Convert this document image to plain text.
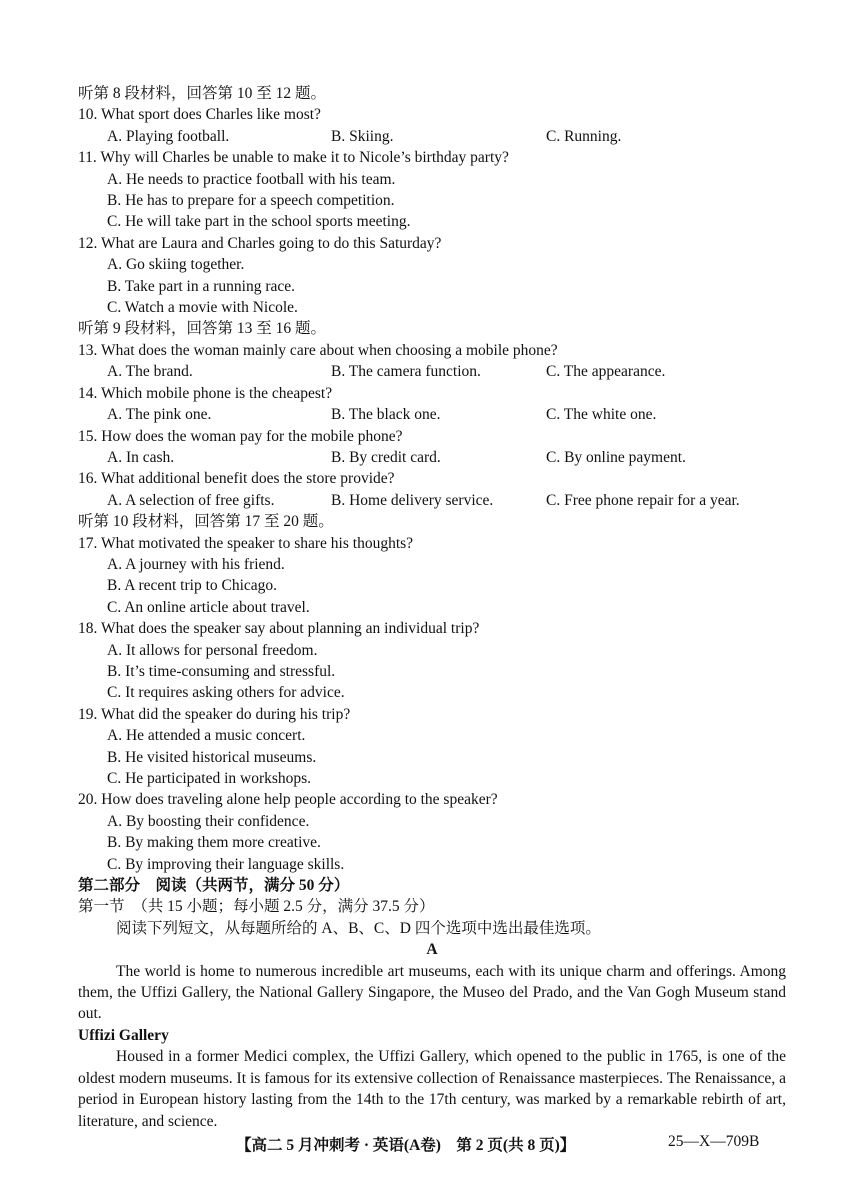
听第 8 段材料，回答第 10 至 12 题。
10. What sport does Charles like most?
A. Playing football.	B. Skiing.	C. Running.
11. Why will Charles be unable to make it to Nicole’s birthday party?
A. He needs to practice football with his team.
B. He has to prepare for a speech competition.
C. He will take part in the school sports meeting.
12. What are Laura and Charles going to do this Saturday?
A. Go skiing together.
B. Take part in a running race.
C. Watch a movie with Nicole.
听第 9 段材料，回答第 13 至 16 题。
13. What does the woman mainly care about when choosing a mobile phone?
A. The brand.	B. The camera function.	C. The appearance.
14. Which mobile phone is the cheapest?
A. The pink one.	B. The black one.	C. The white one.
15. How does the woman pay for the mobile phone?
A. In cash.	B. By credit card.	C. By online payment.
16. What additional benefit does the store provide?
A. A selection of free gifts.	B. Home delivery service.	C. Free phone repair for a year.
听第 10 段材料，回答第 17 至 20 题。
17. What motivated the speaker to share his thoughts?
A. A journey with his friend.
B. A recent trip to Chicago.
C. An online article about travel.
18. What does the speaker say about planning an individual trip?
A. It allows for personal freedom.
B. It’s time-consuming and stressful.
C. It requires asking others for advice.
19. What did the speaker do during his trip?
A. He attended a music concert.
B. He visited historical museums.
C. He participated in workshops.
20. How does traveling alone help people according to the speaker?
A. By boosting their confidence.
B. By making them more creative.
C. By improving their language skills.
第二部分　阅读（共两节，满分 50 分）
第一节　（共 15 小题；每小题 2.5 分，满分 37.5 分）
阅读下列短文，从每题所给的 A、B、C、D 四个选项中选出最佳选项。
A
The world is home to numerous incredible art museums, each with its unique charm and offerings. Among them, the Uffizi Gallery, the National Gallery Singapore, the Museo del Prado, and the Van Gogh Museum stand out.
Uffizi Gallery
Housed in a former Medici complex, the Uffizi Gallery, which opened to the public in 1765, is one of the oldest modern museums. It is famous for its extensive collection of Renaissance masterpieces. The Renaissance, a period in European history lasting from the 14th to the 17th century, was marked by a remarkable rebirth of art, literature, and science.
【高二 5 月冲刺考 · 英语(A卷)　第 2 页(共 8 页)】	25—X—709B
